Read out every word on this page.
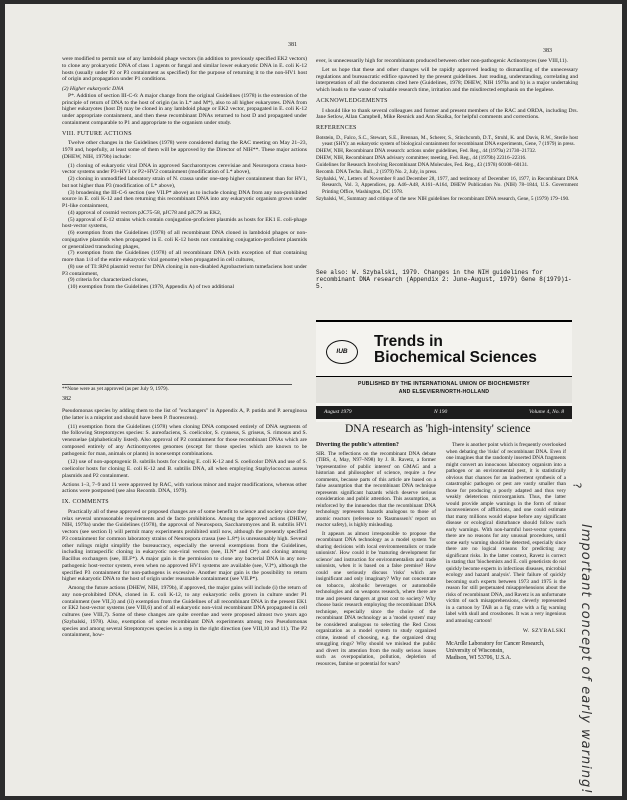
381
383

were modified to permit use of any lambdoid phage vectors (in addition to previously specified EK2 vectors) to clone any prokaryotic DNA of class 1 agents or fungal and similar lower eukaryotic DNA in E. coli K-12 hosts (usually under P2 or P3 containment as specified) for the purpose of returning it to the non-HV1 host of origin and propagation under P1 conditions.

(2) Higher eukaryotic DNA

P*. Addition of section III-C-6: A major change from the original Guidelines (1978) is the extension of the principle of return of DNA to the host of origin (as in L* and M*), also to all higher eukaryotes. DNA from higher eukaryotes (host D) may be cloned in any lambdoid phage or EK2 vector, propagated in E. coli K-12 under appropriate containment, and then these recombinant DNAs returned to host D and propagated under containment comparable to P1 and appropriate to the organism under study.

VIII. FUTURE ACTIONS

Twelve other changes in the Guidelines (1978) were considered during the RAC meeting on May 21–23, 1978 and, hopefully, at least some of them will be approved by the Director of NIH**. These major actions (DHEW, NIH, 1979b) include:

(1) cloning of eukaryotic viral DNA in approved Saccharomyces cerevisiae and Neurospora crassa host-vector systems under P3+HV1 or P2+HV2 containment (modification of L* above),

(2) cloning in unmodified laboratory strain of N. crassa under one-step higher containment than for HV1, but not higher than P3 (modification of L* above),

(3) broadening the III-C-6 section (see VII.P* above) as to include cloning DNA from any non-prohibited source in E. coli K-12 and then returning this recombinant DNA into any eukaryotic organism grown under P1-like containment,

(4) approval of cosmid vectors pJC75-58, pJC78 and pJC79 as EK2,

(5) approval of E-12 strains which contain conjugation-proficient plasmids as hosts for EK1 E. coli-phage host-vector systems,

(6) exemption from the Guidelines (1978) of all recombinant DNA cloned in lambdoid phages or non-conjugative plasmids when propagated in E. coli K-12 hosts not containing conjugation-proficient plasmids or generalized transducing phages,

(7) exemption from the Guidelines (1978) of all recombinant DNA (with exception of that containing more than 1/4 of the entire eukaryotic viral genome) when propagated in cell cultures,

(8) use of TI::RP4 plasmid vector for DNA cloning in non-disabled Agrobacterium tumefaciens host under P3 containment,

(9) criteria for characterized clones,

(10) exemption from the Guidelines (1978, Appendix A) of two additional

**None were as yet approved (as per July 9, 1979).
382

Pseudomonas species by adding them to the list of "exchangers" in Appendix A, P. putida and P. aeruginosa (the latter is a misprint and should have been P. fluorescens).

(11) exemption from the Guidelines (1978) when cloning DNA composed entirely of DNA segments of the following Streptomyces species: S. aureofaciens, S. coelicolor, S. cyaneus, S. griseus, S. rimosus and S. venezuelae (alphabetically listed). Also approval of P2 containment for those recombinant DNAs which are composed entirely of any Actinomycetes genomes (except for those species which are known to be pathogenic for man, animals or plants) in nonexempt combinations.

(12) use of non-apoptogenic B. subtilis hosts for cloning E. coli K-12 and S. coelicolor DNA and use of S. coelicolor hosts for cloning E. coli K-12 and B. subtilis DNA, all when employing Staphylococcus aureus plasmids and P2 containment.

Actions 1–3, 7–9 and 11 were approved by RAC, with various minor and major modifications, whereas other actions were postponed (see also Recomb. DNA, 1979).

IX. COMMENTS

Practically all of these approved or proposed changes are of some benefit to science and society since they relax several unreasonable requirements and de facto prohibitions. Among the approved actions (DHEW, NIH, 1979a) under the Guidelines (1978), the approval of Neurospora, Saccharomyces and B. subtilis HV1 vectors (see section I) will permit many experiments prohibited until now, although the presently specified P3 containment for common laboratory strains of Neurospora crassa (see L.8*) is unreasonably high. Several other rulings might simplify the bureaucracy, especially the several exemptions from the Guidelines, including intraspecific cloning in eukaryotic non-viral vectors (see, II.N* and O*) and cloning among Bacillus exchangers (see, III.F*). A major gain is the permission to clone any bacterial DNA in any non-pathogenic host-vector system, even when no approved HV1 systems are available (see, V.I*), although the specified P3 containment for non-pathogens is excessive. Another major gain is the possibility to return higher eukaryotic DNA to the host of origin under reasonable containment (see VII.P*).

Among the future actions (DHEW, NIH, 1979b), if approved, the major gains will include (i) the return of any non-prohibited DNA, cloned in E. coli K-12, to any eukaryotic cells grown in culture under P1 containment (see VII,3) and (ii) exemption from the Guidelines of all recombinant DNA in the present EK1 or EK2 host-vector systems (see VIII,6) and of all eukaryotic non-viral recombinant DNA propagated in cell cultures (see VIII,7). Some of these changes are quite overdue and were proposed almost two years ago (Szybalski, 1978). Also, exemption of some recombinant DNA experiments among two Pseudomonas species and among several Streptomyces species is a step in the right direction (see VIII,10 and 11). The P2 containment, how-

ever, is unnecessarily high for recombinants produced between other non-pathogenic Actinomyces (see VIII,11).

Let us hope that these and other changes will be rapidly approved leading to dismantling of the unnecessary regulations and bureaucratic edifice spawned by the present guidelines. Just reading, understanding, correlating and interpretation of all the documents cited here (Guidelines, 1978; DHEW, NIH 1979a and b) is a major undertaking which leads to the waste of valuable research time, irritation and the misdirected emphasis on the legalese.

ACKNOWLEDGEMENTS

I should like to thank several colleagues and former and present members of the RAC and ORDA, including Drs. Jane Setlow, Allan Campbell, Mike Resnick and Ann Skalka, for helpful comments and corrections.

REFERENCES
Botstein, D., Falco, S.C., Stewart, S.E., Brennan, M., Scherer, S., Stinchcomb, D.T., Struhl, K. and Davis, R.W., Sterile host yeast (SHY): an eukaryotic system of biological containment for recombinant DNA experiments, Gene, 7 (1979) in press.
DHEW, NIH, Recombinant DNA research: actions under guidelines, Fed. Reg., 44 (1979a) 21730–21732.
DHEW, NIH, Recombinant DNA advisory committee; meeting, Fed. Reg., 44 (1979b) 22316–22316.
Guidelines for Research Involving Recombinant DNA Molecules, Fed. Reg., 43 (1978) 60108–60131.
Recomb. DNA Techn. Bull., 2 (1979) No. 2, July, in press.
Szybalski, W., Letters of November 8 and December 28, 1977, and testimony of December 16, 1977, in Recombinant DNA Research, Vol. 3, Appendices, pp. A46–A48, A161–A164, DHEW Publication No. (NIH) 78–1844, U.S. Government Printing Office, Washington, DC 1978.
Szybalski, W., Summary and critique of the new NIH guidelines for recombinant DNA research, Gene, 5 (1979) 179–190.
See also: W. Szybalski, 1979. Changes in the NIH guidelines for recombinant DNA research (Appendix 2: June-August, 1979) Gene 8(1979)1-5.
IUB
Trends in
Biochemical Sciences
PUBLISHED BY THE INTERNATIONAL UNION OF BIOCHEMISTRY
AND ELSEVIER/NORTH-HOLLAND
August 1979	N 190	Volume 4, No. 8
DNA research as 'high-intensity' science
Diverting the public's attention?

SIR. The reflections on the recombinant DNA debate (TIBS, 4, May, N97–N98) by J. R. Ravetz, a former 'representative of public interest' on GMAG and a historian and philosopher of science, require a few comments, because parts of this article are based on a false assumption that the recombinant DNA technique represents significant hazards which deserve serious consideration and public attention. This assumption, as reinforced by the innuendos that the recombinant DNA technology represents hazards analogous to those of atomic reactors (reference to 'Rasmussen's' report on reactor safety), is highly misleading.

It appears as almost irresponsible to propose the recombinant DNA technology as a model system 'for sharing decisions with local environmentalists or trade unionists'. How could it be 'maturing development for science' and instruction for environmentalists and trade unionists, when it is based on a false premise? How could one seriously discuss 'risks' which are insignificant and only imaginary? Why not concentrate on tobacco, alcoholic beverages or automobile technologies and on weapons research, where there are true and present dangers at great cost to society? Why choose basic research employing the recombinant DNA technique, especially since the choice of the recombinant DNA technology as a 'model system' may be considered analogous to selecting the Red Cross organization as a model system to study organized crime, instead of choosing, e.g. the organized drug smuggling rings? Why should we mislead the public and divert its attention from the really serious issues such as overpopulation, pollution, depletion of resources, famine or potential for wars?

There is another point which is frequently overlooked when debating the 'risks' of recombinant DNA. Even if one imagines that the randomly inserted DNA fragments might convert an innocuous laboratory organism into a pathogen or an environmental pest, it is statistically obvious that chances for an inadvertent synthesis of a catastrophic pathogen or pest are vastly smaller than those for producing a poorly adapted and thus very weakly deleterious microorganism. Thus, the latter would provide ample warnings in the form of minor inconveniences of afflictions, and one could estimate that many millions would elapse before any significant disease or ecological disturbance should follow such early warnings. With non-harmful host-vector systems there are no reasons for any unusual procedures, until some early warning should be detected, especially since there are no logical reasons for predicting any significant risks. In the latter context, Ravetz is correct in stating that 'biochemists and E. coli geneticists do not quickly become experts in infectious diseases, microbial ecology and hazard analysis'. Their failure of quickly becoming such experts between 1973 and 1975 is the reason for still perpetuated misapprehensions about the risks of recombinant DNA, and Ravetz is an unfortunate victim of such misapprehensions, cleverly represented in a cartoon by TAB as a fig crate with a fig warning label with skull and crossbones. It was a very ingenious and amusing cartoon!

W. SZYBALSKI
McArdle Laboratory for Cancer Research,
University of Wisconsin,
Madison, WI 53706, U.S.A.	Important concept of early warning!
?
